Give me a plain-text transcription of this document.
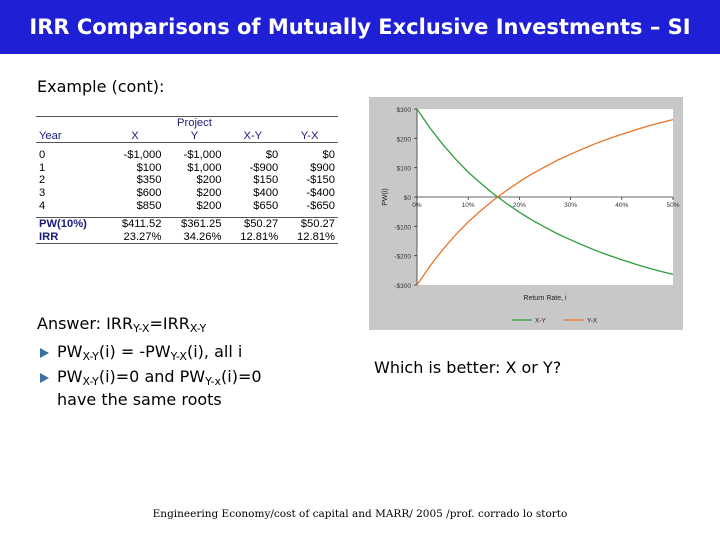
IRR Comparisons of Mutually Exclusive Investments – SI
Example (cont):
		Project		
Year	X	Y	X-Y	Y-X

0	-$1,000	-$1,000	$0	$0
1	$100	$1,000	-$900	$900
2	$350	$200	$150	-$150
3	$600	$200	$400	-$400
4	$850	$200	$650	-$650

PW(10%)	$411.52	$361.25	$50.27	$50.27
IRR	23.27%	34.26%	12.81%	12.81%
$300
$200
$100
$0
-$100
-$200
-$300
0%	10%	20%	30%	40%	50%
PW(i)
Return Rate, i
X-Y	Y-X
Answer: $IRR_{Y-X}=IRR_{X-Y}$
$PW_{X-Y}(i) = -PW_{Y-X}(i)$, all i
$PW_{X-Y}(i)=0$ and $PW_{Y-x}(i)=0$
have the same roots
Which is better: X or Y?
Engineering Economy/cost of capital and MARR/ 2005 /prof. corrado lo storto
